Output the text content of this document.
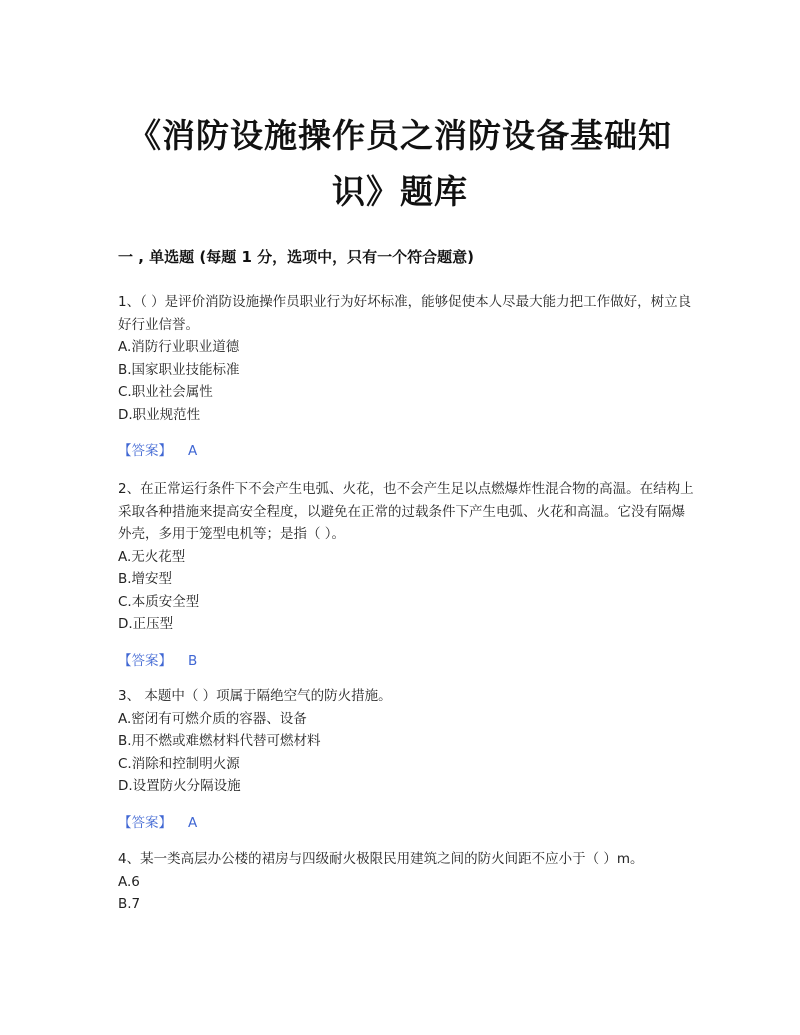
《消防设施操作员之消防设备基础知
识》题库
一 , 单选题 (每题 1 分，选项中，只有一个符合题意)

1、（ ）是评价消防设施操作员职业行为好坏标准，能够促使本人尽最大能力把工作做好，树立良好行业信誉。

A.消防行业职业道德

B.国家职业技能标准

C.职业社会属性

D.职业规范性

【答案】 A

2、在正常运行条件下不会产生电弧、火花，也不会产生足以点燃爆炸性混合物的高温。在结构上采取各种措施来提高安全程度，以避免在正常的过载条件下产生电弧、火花和高温。它没有隔爆外壳，多用于笼型电机等；是指（ ）。

A.无火花型

B.增安型

C.本质安全型

D.正压型

【答案】 B

3、 本题中（ ）项属于隔绝空气的防火措施。

A.密闭有可燃介质的容器、设备

B.用不燃或难燃材料代替可燃材料

C.消除和控制明火源

D.设置防火分隔设施

【答案】 A

4、某一类高层办公楼的裙房与四级耐火极限民用建筑之间的防火间距不应小于（ ）m。

A.6

B.7
